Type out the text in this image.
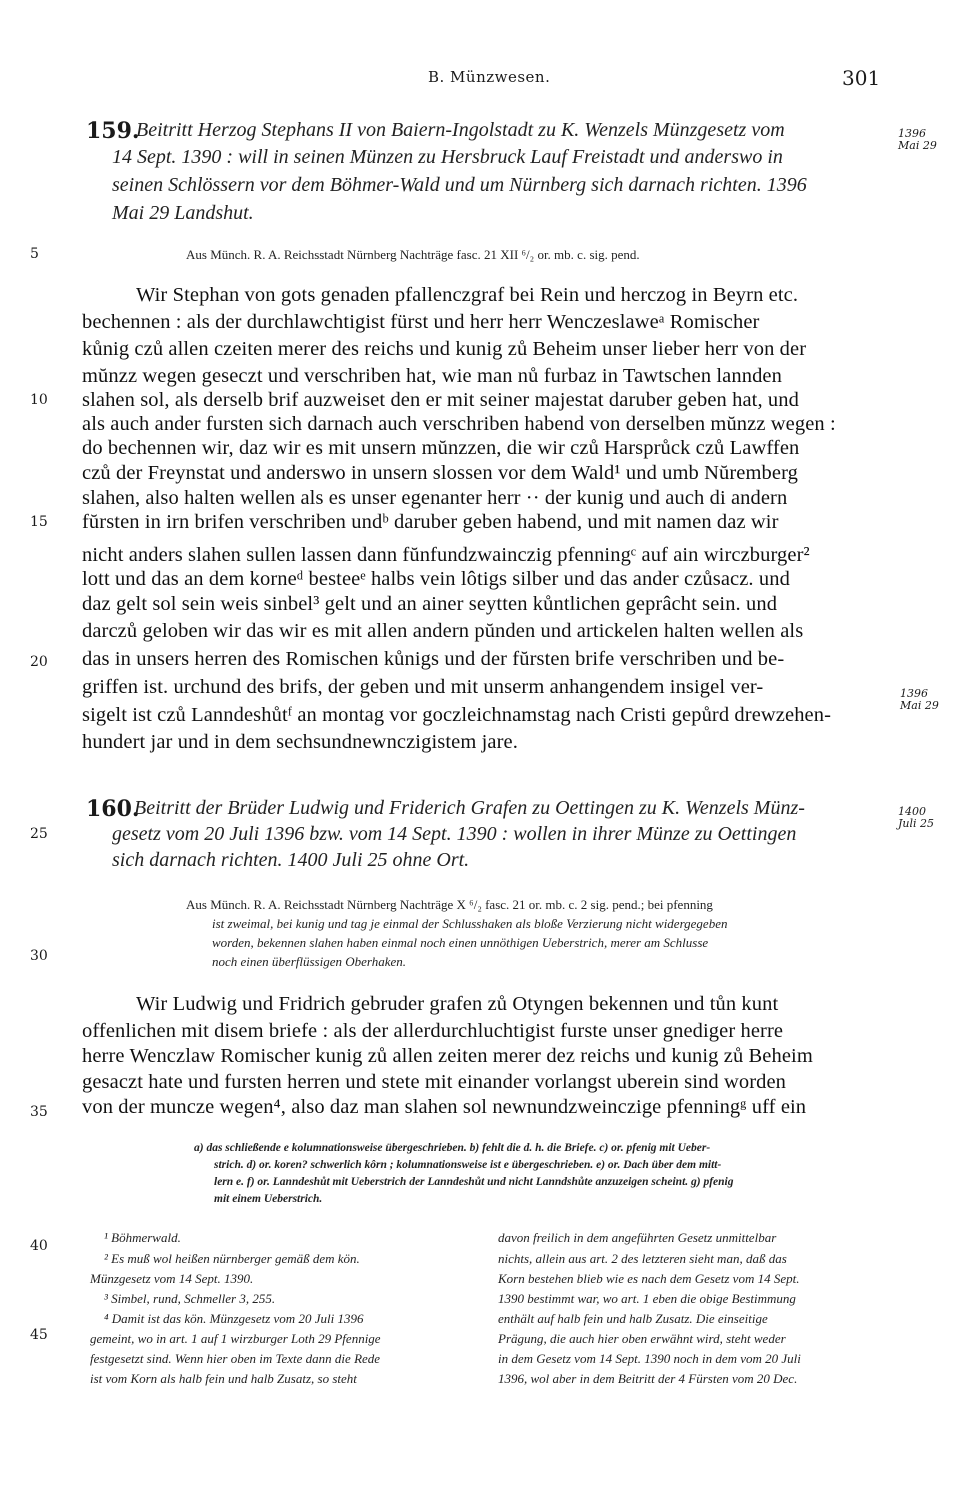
B. Münzwesen.	301
5
10
15
20
25
30
35
40
45
159.
Beitritt Herzog Stephans II von Baiern-Ingolstadt zu K. Wenzels Münzgesetz vom
14 Sept. 1390 : will in seinen Münzen zu Hersbruck Lauf Freistadt und anderswo in
seinen Schlössern vor dem Böhmer-Wald und um Nürnberg sich darnach richten. 1396
Mai 29 Landshut.
1396
Mai 29
Aus Münch. R. A. Reichsstadt Nürnberg Nachträge fasc. 21 XII ⁶/₂ or. mb. c. sig. pend.
Wir Stephan von gots genaden pfallenczgraf bei Rein und herczog in Beyrn etc.
bechennen : als der durchlawchtigist fürst und herr herr Wenczeslaweᵃ Romischer
kůnig czů allen czeiten merer des reichs und kunig zů Beheim unser lieber herr von der
mŭnzz wegen geseczt und verschriben hat, wie man nů furbaz in Tawtschen lannden
slahen sol, als derselb brif auzweiset den er mit seiner majestat daruber geben hat, und
als auch ander fursten sich darnach auch verschriben habend von derselben mŭnzz wegen :
do bechennen wir, daz wir es mit unsern mŭnzzen, die wir czů Harsprůck czů Lawffen
czů der Freynstat und anderswo in unsern slossen vor dem Wald¹ und umb Nŭremberg
slahen, also halten wellen als es unser egenanter herr ·· der kunig und auch di andern
fŭrsten in irn brifen verschriben undᵇ daruber geben habend, und mit namen daz wir
nicht anders slahen sullen lassen dann fŭnfundzwainczig pfenningᶜ auf ain wirczburger²
lott und das an dem korneᵈ besteeᵉ halbs vein lôtigs silber und das ander czůsacz. und
daz gelt sol sein weis sinbel³ gelt und an ainer seytten kůntlichen geprâcht sein. und
darczů geloben wir das wir es mit allen andern pŭnden und artickelen halten wellen als
das in unsers herren des Romischen kůnigs und der fŭrsten brife verschriben und be-
griffen ist. urchund des brifs, der geben und mit unserm anhangendem insigel ver-
sigelt ist czů Lanndeshůtᶠ an montag vor goczleichnamstag nach Cristi gepůrd drewzehen-
hundert jar und in dem sechsundnewnczigistem jare.
1396
Mai 29
160.
Beitritt der Brüder Ludwig und Friderich Grafen zu Oettingen zu K. Wenzels Münz-
gesetz vom 20 Juli 1396 bzw. vom 14 Sept. 1390 : wollen in ihrer Münze zu Oettingen
sich darnach richten. 1400 Juli 25 ohne Ort.
1400
Juli 25
Aus Münch. R. A. Reichsstadt Nürnberg Nachträge X ⁶/₂ fasc. 21 or. mb. c. 2 sig. pend.; bei pfenning
ist zweimal, bei kunig und tag je einmal der Schlusshaken als bloße Verzierung nicht widergegeben
worden, bekennen slahen haben einmal noch einen unnöthigen Ueberstrich, merer am Schlusse
noch einen überflüssigen Oberhaken.
Wir Ludwig und Fridrich gebruder grafen zů Otyngen bekennen und tůn kunt
offenlichen mit disem briefe : als der allerdurchluchtigist furste unser gnediger herre
herre Wenczlaw Romischer kunig zů allen zeiten merer dez reichs und kunig zů Beheim
gesaczt hate und fursten herren und stete mit einander vorlangst uberein sind worden
von der muncze wegen⁴, also daz man slahen sol newnundzweinczige pfenningᵍ uff ein
a) das schließende e kolumnationsweise übergeschrieben. b) fehlt die d. h. die Briefe. c) or. pfenig mit Ueber-
strich. d) or. koren? schwerlich kôrn ; kolumnationsweise ist e übergeschrieben. e) or. Dach über dem mitt-
lern e. f) or. Lanndeshůt mit Ueberstrich der Lanndeshůt und nicht Lanndshůte anzuzeigen scheint. g) pfenig
mit einem Ueberstrich.
¹ Böhmerwald.
² Es muß wol heißen nürnberger gemäß dem kön.
Münzgesetz vom 14 Sept. 1390.
³ Simbel, rund, Schmeller 3, 255.
⁴ Damit ist das kön. Münzgesetz vom 20 Juli 1396
gemeint, wo in art. 1 auf 1 wirzburger Loth 29 Pfennige
festgesetzt sind. Wenn hier oben im Texte dann die Rede
ist vom Korn als halb fein und halb Zusatz, so steht
davon freilich in dem angeführten Gesetz unmittelbar
nichts, allein aus art. 2 des letzteren sieht man, daß das
Korn bestehen blieb wie es nach dem Gesetz vom 14 Sept.
1390 bestimmt war, wo art. 1 eben die obige Bestimmung
enthält auf halb fein und halb Zusatz. Die einseitige
Prägung, die auch hier oben erwähnt wird, steht weder
in dem Gesetz vom 14 Sept. 1390 noch in dem vom 20 Juli
1396, wol aber in dem Beitritt der 4 Fürsten vom 20 Dec.
